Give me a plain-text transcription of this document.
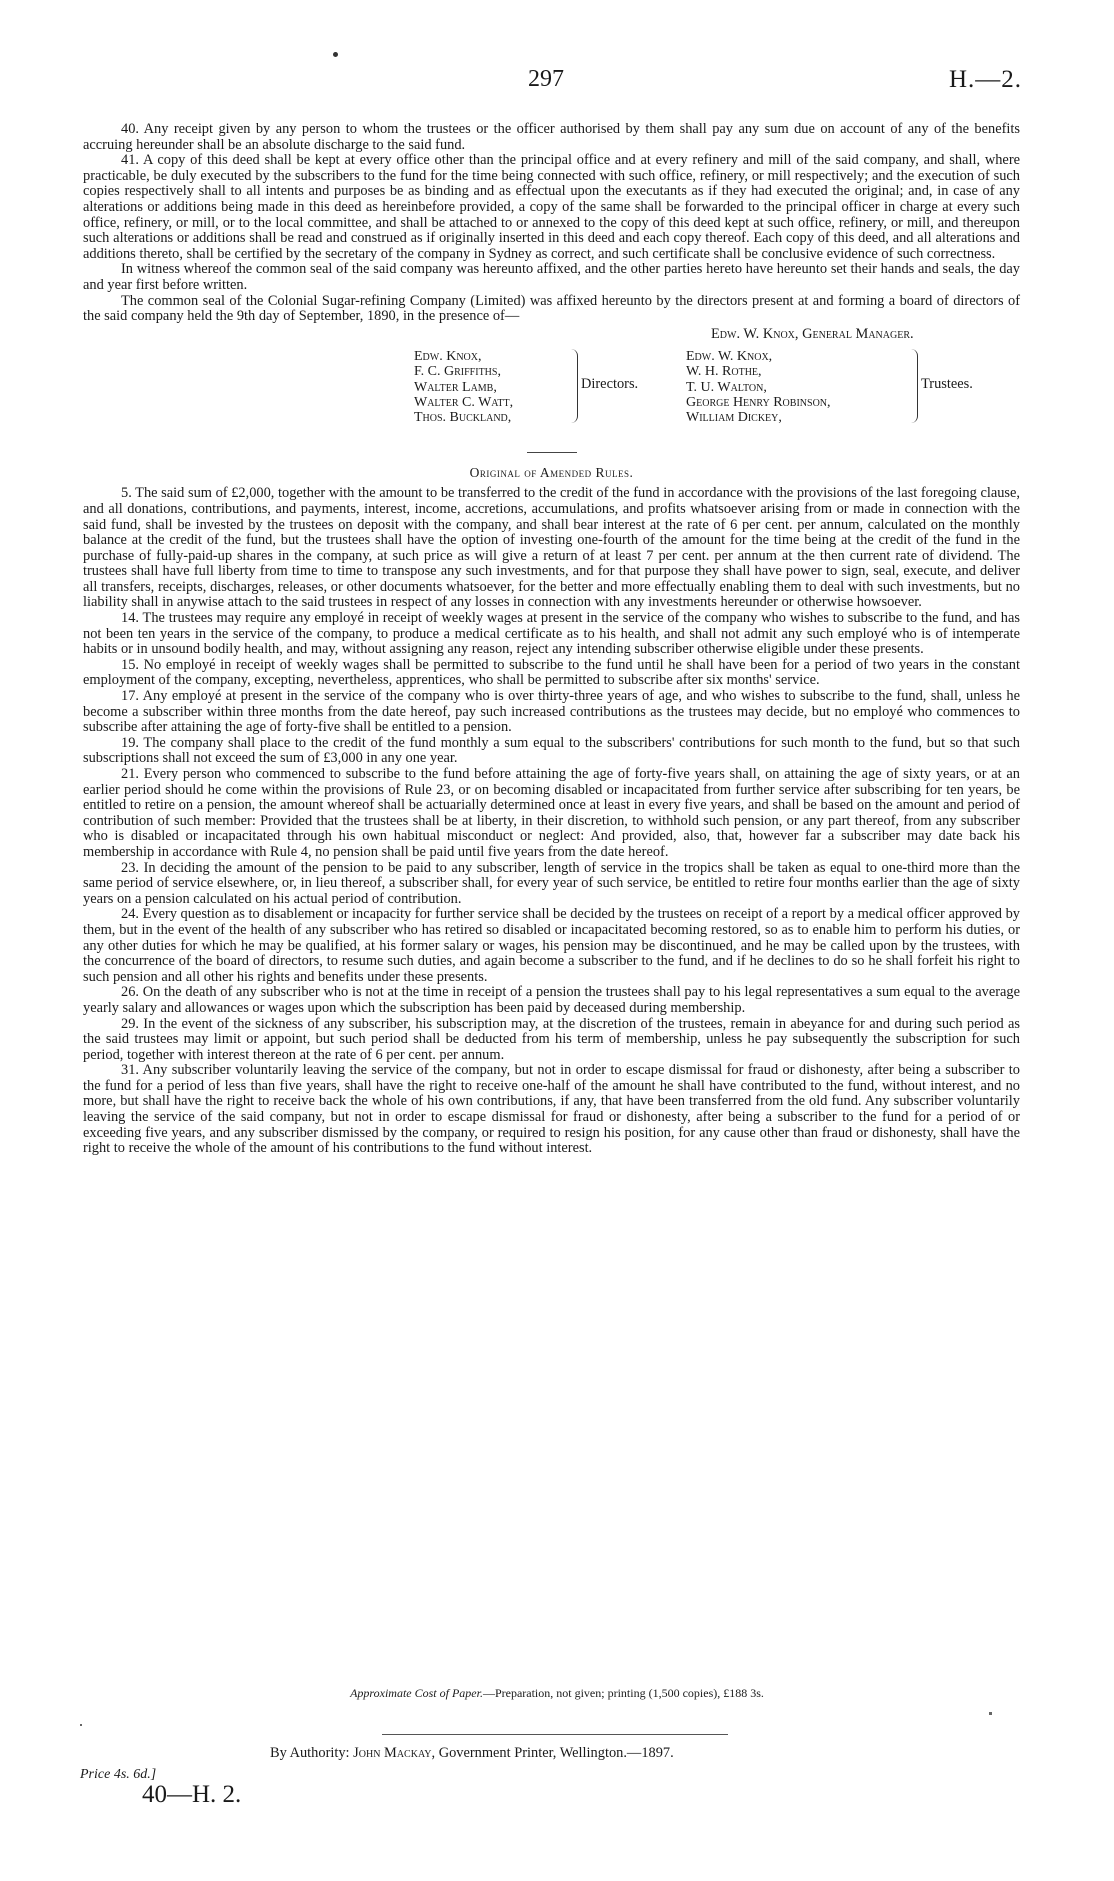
297	H.—2.

40. Any receipt given by any person to whom the trustees or the officer authorised by them shall pay any sum due on account of any of the benefits accruing hereunder shall be an absolute discharge to the said fund.

41. A copy of this deed shall be kept at every office other than the principal office and at every refinery and mill of the said company, and shall, where practicable, be duly executed by the subscribers to the fund for the time being connected with such office, refinery, or mill respectively; and the execution of such copies respectively shall to all intents and purposes be as binding and as effectual upon the executants as if they had executed the original; and, in case of any alterations or additions being made in this deed as hereinbefore provided, a copy of the same shall be forwarded to the principal officer in charge at every such office, refinery, or mill, or to the local committee, and shall be attached to or annexed to the copy of this deed kept at such office, refinery, or mill, and thereupon such alterations or additions shall be read and construed as if originally inserted in this deed and each copy thereof. Each copy of this deed, and all alterations and additions thereto, shall be certified by the secretary of the company in Sydney as correct, and such certificate shall be conclusive evidence of such correctness.

In witness whereof the common seal of the said company was hereunto affixed, and the other parties hereto have hereunto set their hands and seals, the day and year first before written.

The common seal of the Colonial Sugar-refining Company (Limited) was affixed hereunto by the directors present at and forming a board of directors of the said company held the 9th day of September, 1890, in the presence of—

Edw. W. Knox, General Manager.
Edw. Knox,
F. C. Griffiths,
Walter Lamb,
Walter C. Watt,
Thos. Buckland,
Directors.
Edw. W. Knox,
W. H. Rothe,
T. U. Walton,
George Henry Robinson,
William Dickey,
Trustees.
Original of Amended Rules.

5. The said sum of £2,000, together with the amount to be transferred to the credit of the fund in accordance with the provisions of the last foregoing clause, and all donations, contributions, and payments, interest, income, accretions, accumulations, and profits whatsoever arising from or made in connection with the said fund, shall be invested by the trustees on deposit with the company, and shall bear interest at the rate of 6 per cent. per annum, calculated on the monthly balance at the credit of the fund, but the trustees shall have the option of investing one-fourth of the amount for the time being at the credit of the fund in the purchase of fully-paid-up shares in the company, at such price as will give a return of at least 7 per cent. per annum at the then current rate of dividend. The trustees shall have full liberty from time to time to transpose any such investments, and for that purpose they shall have power to sign, seal, execute, and deliver all transfers, receipts, discharges, releases, or other documents whatsoever, for the better and more effectually enabling them to deal with such investments, but no liability shall in anywise attach to the said trustees in respect of any losses in connection with any investments hereunder or otherwise howsoever.

14. The trustees may require any employé in receipt of weekly wages at present in the service of the company who wishes to subscribe to the fund, and has not been ten years in the service of the company, to produce a medical certificate as to his health, and shall not admit any such employé who is of intemperate habits or in unsound bodily health, and may, without assigning any reason, reject any intending subscriber otherwise eligible under these presents.

15. No employé in receipt of weekly wages shall be permitted to subscribe to the fund until he shall have been for a period of two years in the constant employment of the company, excepting, nevertheless, apprentices, who shall be permitted to subscribe after six months' service.

17. Any employé at present in the service of the company who is over thirty-three years of age, and who wishes to subscribe to the fund, shall, unless he become a subscriber within three months from the date hereof, pay such increased contributions as the trustees may decide, but no employé who commences to subscribe after attaining the age of forty-five shall be entitled to a pension.

19. The company shall place to the credit of the fund monthly a sum equal to the subscribers' contributions for such month to the fund, but so that such subscriptions shall not exceed the sum of £3,000 in any one year.

21. Every person who commenced to subscribe to the fund before attaining the age of forty-five years shall, on attaining the age of sixty years, or at an earlier period should he come within the provisions of Rule 23, or on becoming disabled or incapacitated from further service after subscribing for ten years, be entitled to retire on a pension, the amount whereof shall be actuarially determined once at least in every five years, and shall be based on the amount and period of contribution of such member: Provided that the trustees shall be at liberty, in their discretion, to withhold such pension, or any part thereof, from any subscriber who is disabled or incapacitated through his own habitual misconduct or neglect: And provided, also, that, however far a subscriber may date back his membership in accordance with Rule 4, no pension shall be paid until five years from the date hereof.

23. In deciding the amount of the pension to be paid to any subscriber, length of service in the tropics shall be taken as equal to one-third more than the same period of service elsewhere, or, in lieu thereof, a subscriber shall, for every year of such service, be entitled to retire four months earlier than the age of sixty years on a pension calculated on his actual period of contribution.

24. Every question as to disablement or incapacity for further service shall be decided by the trustees on receipt of a report by a medical officer approved by them, but in the event of the health of any subscriber who has retired so disabled or incapacitated becoming restored, so as to enable him to perform his duties, or any other duties for which he may be qualified, at his former salary or wages, his pension may be discontinued, and he may be called upon by the trustees, with the concurrence of the board of directors, to resume such duties, and again become a subscriber to the fund, and if he declines to do so he shall forfeit his right to such pension and all other his rights and benefits under these presents.

26. On the death of any subscriber who is not at the time in receipt of a pension the trustees shall pay to his legal representatives a sum equal to the average yearly salary and allowances or wages upon which the subscription has been paid by deceased during membership.

29. In the event of the sickness of any subscriber, his subscription may, at the discretion of the trustees, remain in abeyance for and during such period as the said trustees may limit or appoint, but such period shall be deducted from his term of membership, unless he pay subsequently the subscription for such period, together with interest thereon at the rate of 6 per cent. per annum.

31. Any subscriber voluntarily leaving the service of the company, but not in order to escape dismissal for fraud or dishonesty, after being a subscriber to the fund for a period of less than five years, shall have the right to receive one-half of the amount he shall have contributed to the fund, without interest, and no more, but shall have the right to receive back the whole of his own contributions, if any, that have been transferred from the old fund. Any subscriber voluntarily leaving the service of the said company, but not in order to escape dismissal for fraud or dishonesty, after being a subscriber to the fund for a period of or exceeding five years, and any subscriber dismissed by the company, or required to resign his position, for any cause other than fraud or dishonesty, shall have the right to receive the whole of the amount of his contributions to the fund without interest.

Approximate Cost of Paper.—Preparation, not given; printing (1,500 copies), £188 3s.
By Authority: John Mackay, Government Printer, Wellington.—1897.
Price 4s. 6d.]
40—H. 2.
